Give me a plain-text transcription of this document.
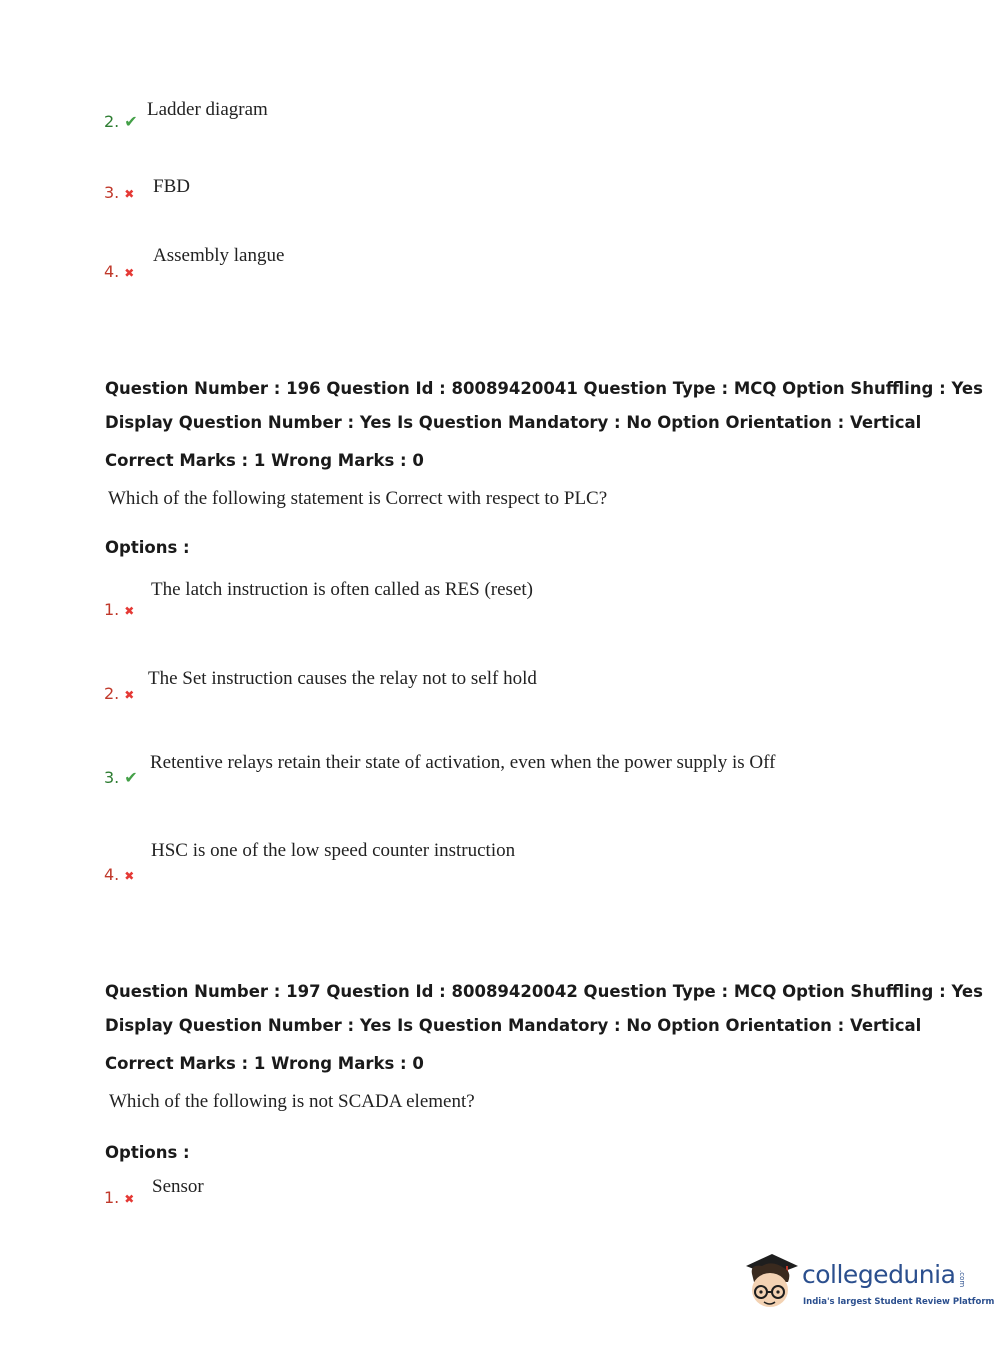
2. ✔
Ladder diagram
3. ✖ FBD
4. ✖
Assembly langue
Question Number : 196 Question Id : 80089420041 Question Type : MCQ Option Shuffling : Yes
Display Question Number : Yes Is Question Mandatory : No Option Orientation : Vertical
Correct Marks : 1 Wrong Marks : 0
Which of the following statement is Correct with respect to PLC?
Options :
1. ✖
The latch instruction is often called as RES (reset)
2. ✖
The Set instruction causes the relay not to self hold
3. ✔
Retentive relays retain their state of activation, even when the power supply is Off
4. ✖
HSC is one of the low speed counter instruction
Question Number : 197 Question Id : 80089420042 Question Type : MCQ Option Shuffling : Yes
Display Question Number : Yes Is Question Mandatory : No Option Orientation : Vertical
Correct Marks : 1 Wrong Marks : 0
Which of the following is not SCADA element?
Options :
1. ✖
Sensor
collegedunia .com
India's largest Student Review Platform
